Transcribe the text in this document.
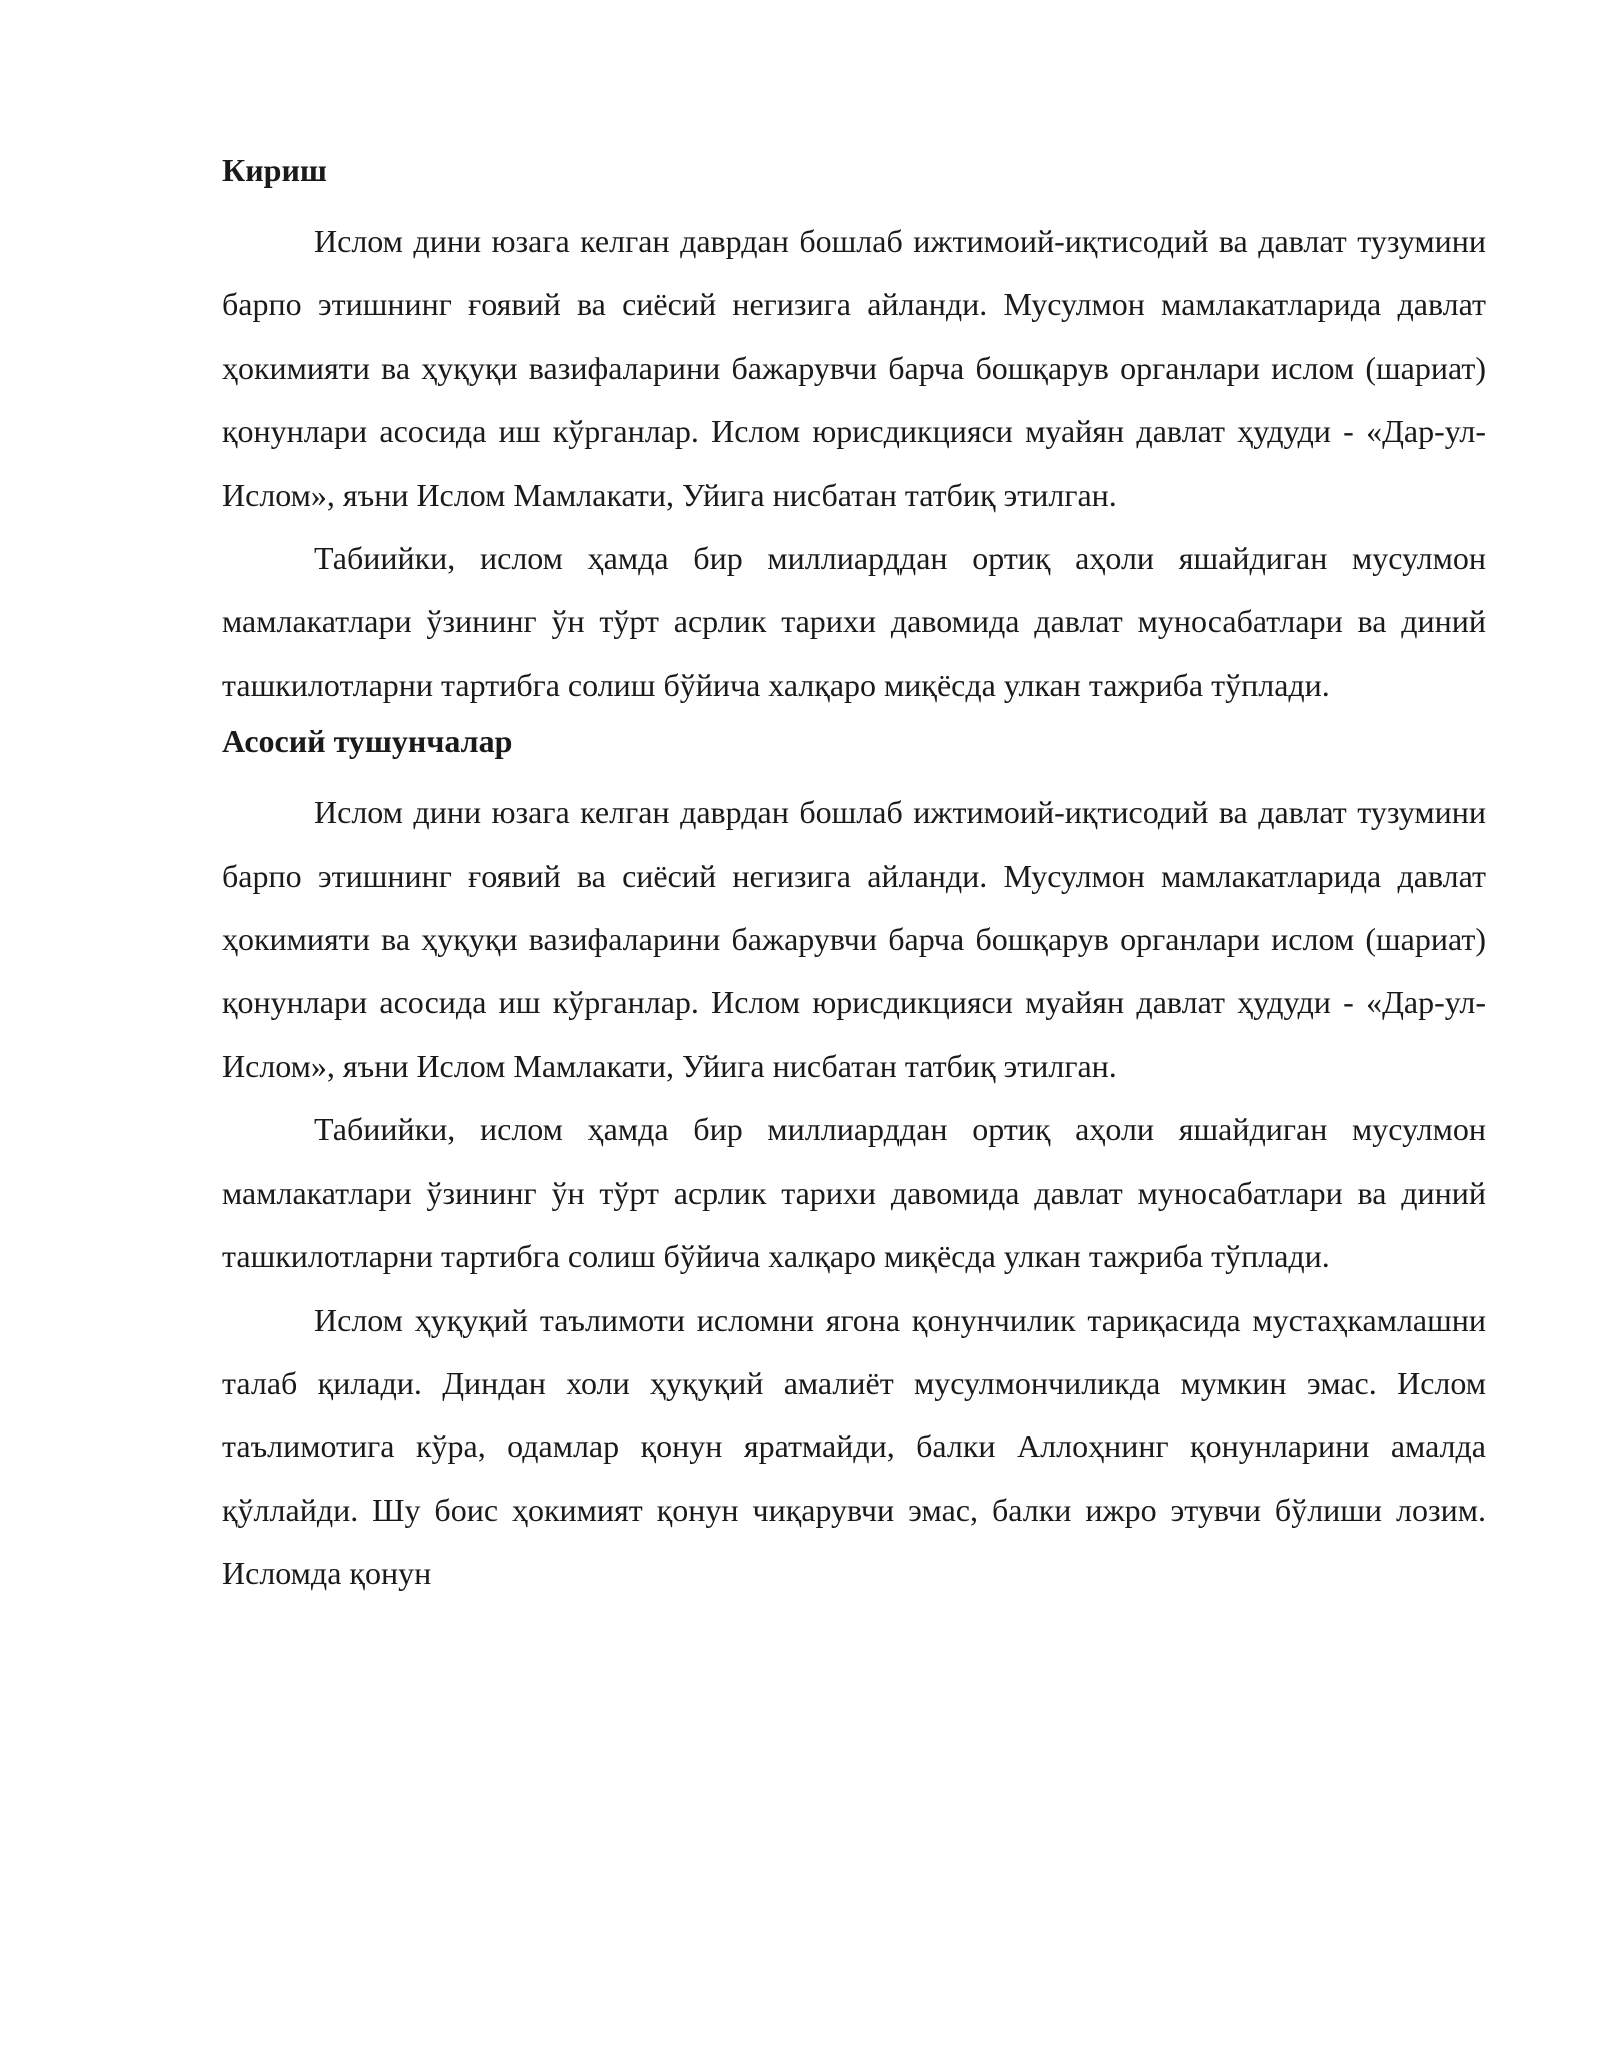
Кириш

Ислом дини юзага келган даврдан бошлаб ижтимоий-иқтисодий ва давлат тузумини барпо этишнинг ғоявий ва сиёсий негизига айланди. Мусулмон мамлакатларида давлат ҳокимияти ва ҳуқуқи вазифаларини бажарувчи барча бошқарув органлари ислом (шариат) қонунлари асосида иш кўрганлар. Ислом юрисдикцияси муайян давлат ҳудуди - «Дар-ул-Ислом», яъни Ислом Мамлакати, Уйига нисбатан татбиқ этилган.

Табиийки, ислом ҳамда бир миллиарддан ортиқ аҳоли яшайдиган мусулмон мамлакатлари ўзининг ўн тўрт асрлик тарихи давомида давлат муносабатлари ва диний ташкилотларни тартибга солиш бўйича халқаро миқёсда улкан тажриба тўплади.

Асосий тушунчалар

Ислом дини юзага келган даврдан бошлаб ижтимоий-иқтисодий ва давлат тузумини барпо этишнинг ғоявий ва сиёсий негизига айланди. Мусулмон мамлакатларида давлат ҳокимияти ва ҳуқуқи вазифаларини бажарувчи барча бошқарув органлари ислом (шариат) қонунлари асосида иш кўрганлар. Ислом юрисдикцияси муайян давлат ҳудуди - «Дар-ул-Ислом», яъни Ислом Мамлакати, Уйига нисбатан татбиқ этилган.

Табиийки, ислом ҳамда бир миллиарддан ортиқ аҳоли яшайдиган мусулмон мамлакатлари ўзининг ўн тўрт асрлик тарихи давомида давлат муносабатлари ва диний ташкилотларни тартибга солиш бўйича халқаро миқёсда улкан тажриба тўплади.

Ислом ҳуқуқий таълимоти исломни ягона қонунчилик тариқасида мустаҳкамлашни талаб қилади. Диндан холи ҳуқуқий амалиёт мусулмончиликда мумкин эмас. Ислом таълимотига кўра, одамлар қонун яратмайди, балки Аллоҳнинг қонунларини амалда қўллайди. Шу боис ҳокимият қонун чиқарувчи эмас, балки ижро этувчи бўлиши лозим. Исломда қонун
